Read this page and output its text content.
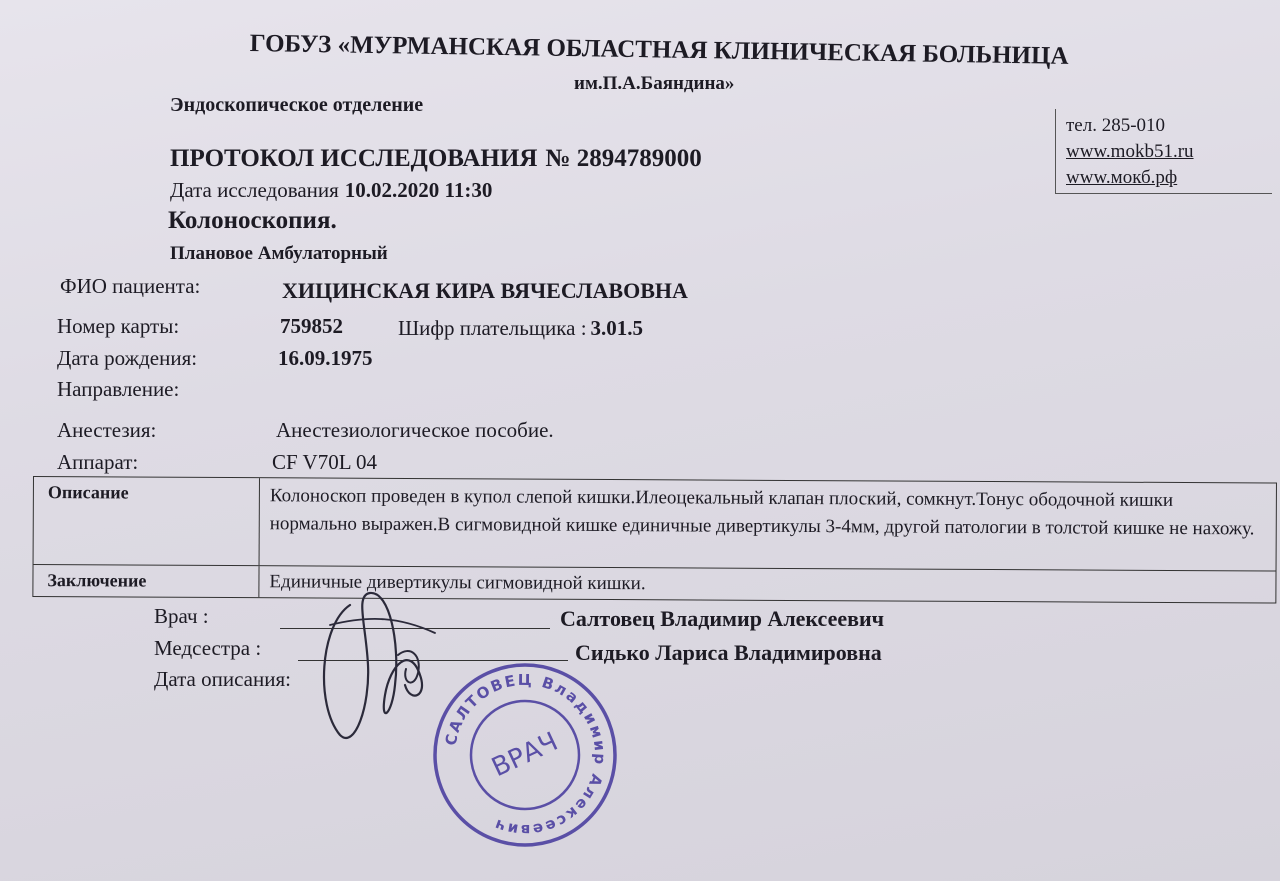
ГОБУЗ «МУРМАНСКАЯ ОБЛАСТНАЯ КЛИНИЧЕСКАЯ БОЛЬНИЦА
им.П.А.Баяндина»
Эндоскопическое отделение
тел. 285-010
www.mokb51.ru
www.мокб.рф
ПРОТОКОЛ ИССЛЕДОВАНИЯ № 2894789000
Дата исследования 10.02.2020 11:30
Колоноскопия.
Плановое Амбулаторный
ФИО пациента:	ХИЦИНСКАЯ КИРА ВЯЧЕСЛАВОВНА
Номер карты:	759852	Шифр плательщика : 3.01.5
Дата рождения:	16.09.1975
Направление:
Анестезия:	Анестезиологическое пособие.
Аппарат:	CF V70L 04
Описание	Колоноскоп проведен в купол слепой кишки.Илеоцекальный клапан плоский, сомкнут.Тонус ободочной кишки нормально выражен.В сигмовидной кишке единичные дивертикулы 3-4мм, другой патологии в толстой кишке не нахожу.
Заключение	Единичные дивертикулы сигмовидной кишки.
Врач :	Салтовец Владимир Алексеевич
Медсестра :	Сидько Лариса Владимировна
Дата описания:
САЛТОВЕЦ Владимир Алексеевич
ВРАЧ
